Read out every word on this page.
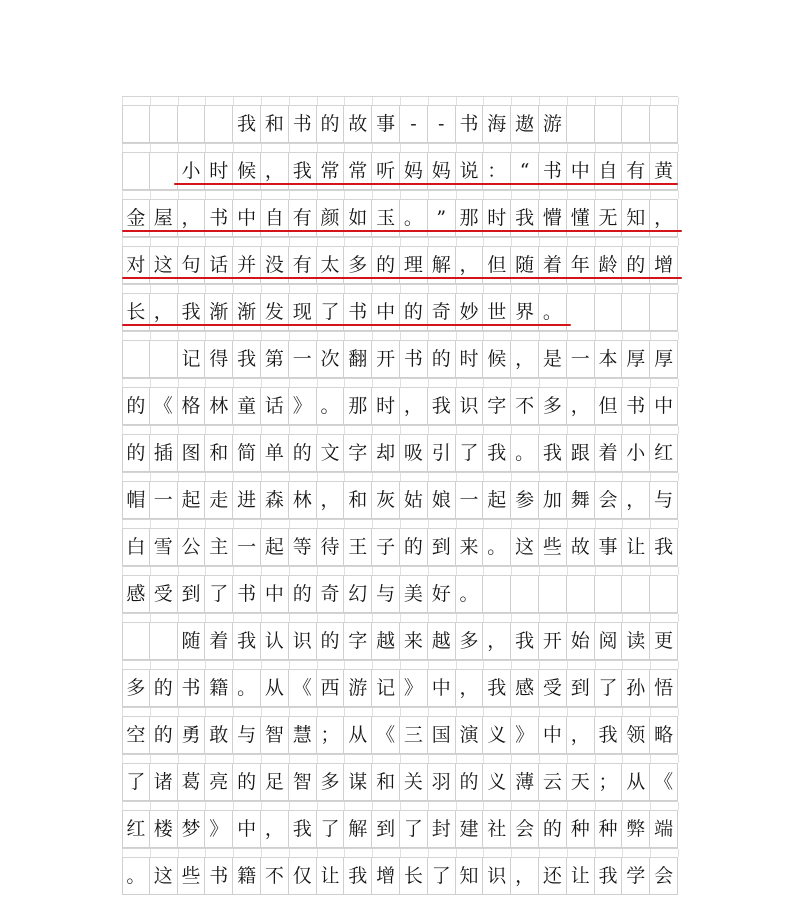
我 和 书 的 故 事 - - 书 海 遨 游
小 时 候 ， 我 常 常 听 妈 妈 说 ： “ 书 中 自 有 黄
金 屋 ， 书 中 自 有 颜 如 玉 。 ” 那 时 我 懵 懂 无 知 ，
对 这 句 话 并 没 有 太 多 的 理 解 ， 但 随 着 年 龄 的 增
长 ， 我 渐 渐 发 现 了 书 中 的 奇 妙 世 界 。
记 得 我 第 一 次 翻 开 书 的 时 候 ， 是 一 本 厚 厚
的 《 格 林 童 话 》 。 那 时 ， 我 识 字 不 多 ， 但 书 中
的 插 图 和 简 单 的 文 字 却 吸 引 了 我 。 我 跟 着 小 红
帽 一 起 走 进 森 林 ， 和 灰 姑 娘 一 起 参 加 舞 会 ， 与
白 雪 公 主 一 起 等 待 王 子 的 到 来 。 这 些 故 事 让 我
感 受 到 了 书 中 的 奇 幻 与 美 好 。
随 着 我 认 识 的 字 越 来 越 多 ， 我 开 始 阅 读 更
多 的 书 籍 。 从 《 西 游 记 》 中 ， 我 感 受 到 了 孙 悟
空 的 勇 敢 与 智 慧 ； 从 《 三 国 演 义 》 中 ， 我 领 略
了 诸 葛 亮 的 足 智 多 谋 和 关 羽 的 义 薄 云 天 ； 从 《
红 楼 梦 》 中 ， 我 了 解 到 了 封 建 社 会 的 种 种 弊 端
。 这 些 书 籍 不 仅 让 我 增 长 了 知 识 ， 还 让 我 学 会
